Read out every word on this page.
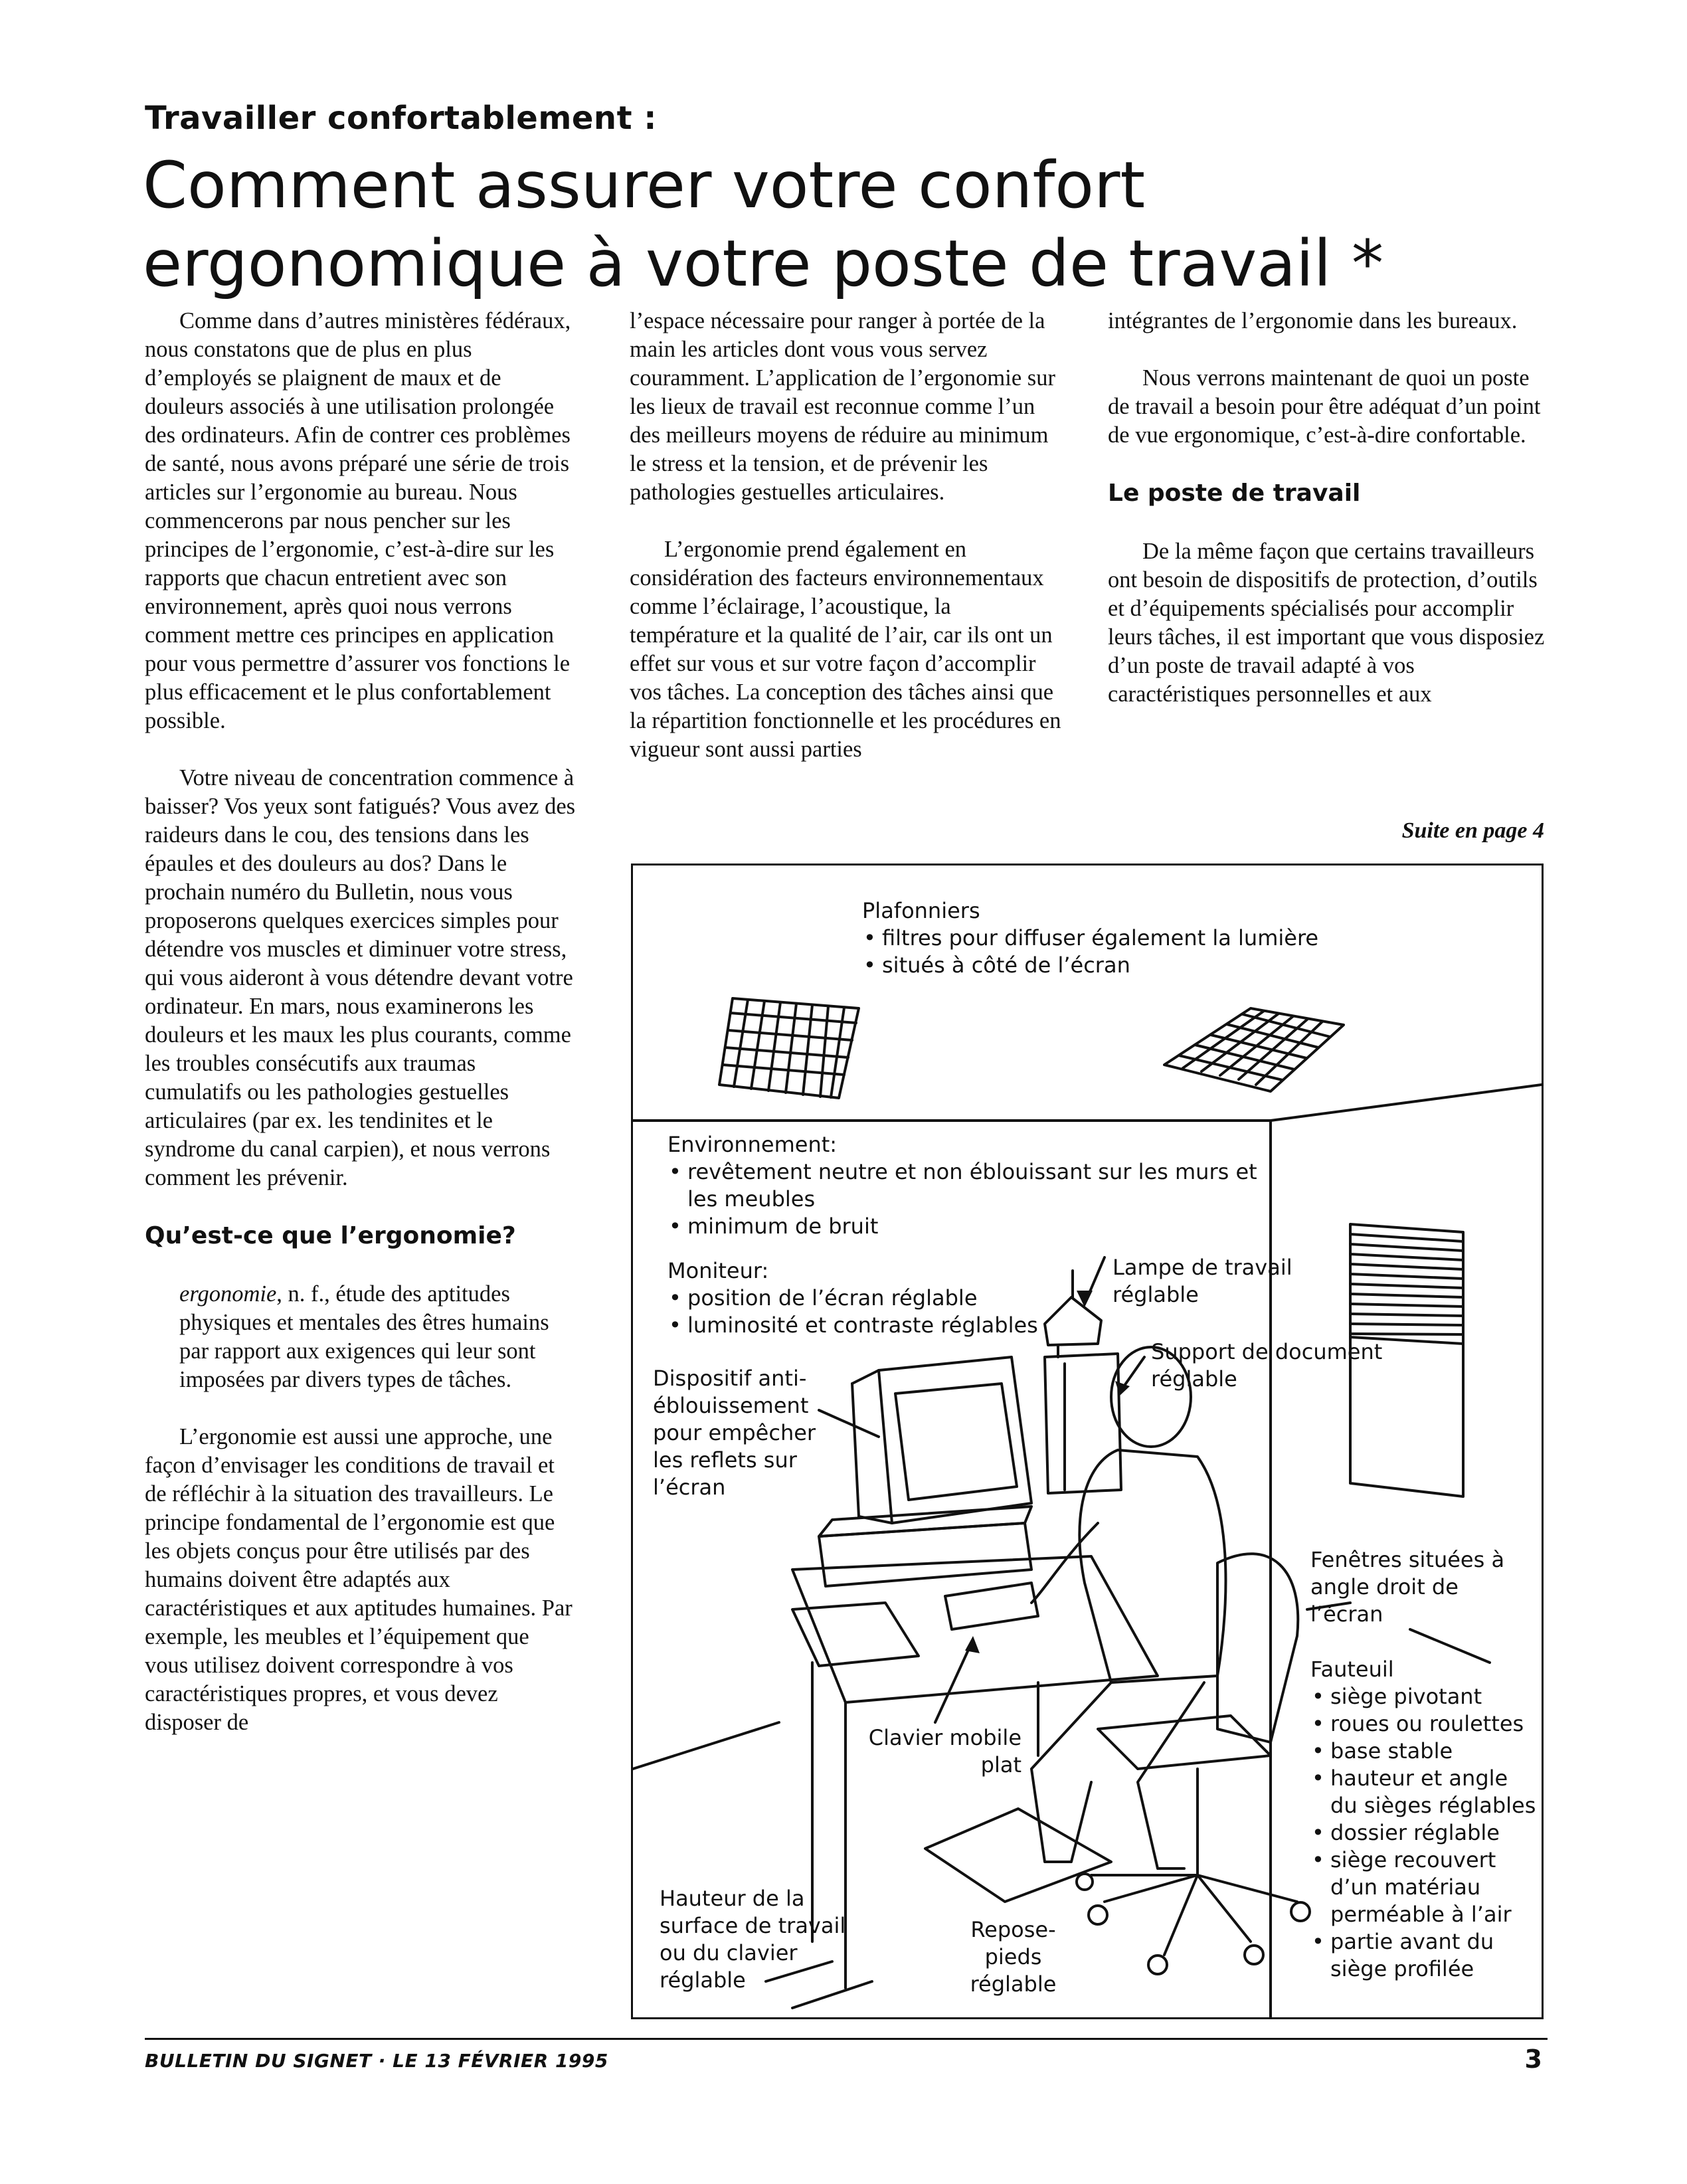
Travailler confortablement :
Comment assurer votre confort ergonomique à votre poste de travail *

Comme dans d’autres ministères fédéraux, nous constatons que de plus en plus d’employés se plaignent de maux et de douleurs associés à une utilisation prolongée des ordinateurs. Afin de contrer ces problèmes de santé, nous avons préparé une série de trois articles sur l’ergonomie au bureau. Nous commencerons par nous pencher sur les principes de l’ergonomie, c’est-à-dire sur les rapports que chacun entretient avec son environnement, après quoi nous verrons comment mettre ces principes en application pour vous permettre d’assurer vos fonctions le plus efficacement et le plus confortablement possible.

Votre niveau de concentration commence à baisser? Vos yeux sont fatigués? Vous avez des raideurs dans le cou, des tensions dans les épaules et des douleurs au dos? Dans le prochain numéro du Bulletin, nous vous proposerons quelques exercices simples pour détendre vos muscles et diminuer votre stress, qui vous aideront à vous détendre devant votre ordinateur. En mars, nous examinerons les douleurs et les maux les plus courants, comme les troubles consécutifs aux traumas cumulatifs ou les pathologies gestuelles articulaires (par ex. les tendinites et le syndrome du canal carpien), et nous verrons comment les prévenir.

Qu’est-ce que l’ergonomie?

ergonomie, n. f., étude des aptitudes physiques et mentales des êtres humains par rapport aux exigences qui leur sont imposées par divers types de tâches.

L’ergonomie est aussi une approche, une façon d’envisager les conditions de travail et de réfléchir à la situation des travailleurs. Le principe fondamental de l’ergonomie est que les objets conçus pour être utilisés par des humains doivent être adaptés aux caractéristiques et aux aptitudes humaines. Par exemple, les meubles et l’équipement que vous utilisez doivent correspondre à vos caractéristiques propres, et vous devez disposer de

l’espace nécessaire pour ranger à portée de la main les articles dont vous vous servez couramment. L’application de l’ergonomie sur les lieux de travail est reconnue comme l’un des meilleurs moyens de réduire au minimum le stress et la tension, et de prévenir les pathologies gestuelles articulaires.

L’ergonomie prend également en considération des facteurs environnementaux comme l’éclairage, l’acoustique, la température et la qualité de l’air, car ils ont un effet sur vous et sur votre façon d’accomplir vos tâches. La conception des tâches ainsi que la répartition fonctionnelle et les procédures en vigueur sont aussi parties

intégrantes de l’ergonomie dans les bureaux.

Nous verrons maintenant de quoi un poste de travail a besoin pour être adéquat d’un point de vue ergonomique, c’est-à-dire confortable.

Le poste de travail

De la même façon que certains travailleurs ont besoin de dispositifs de protection, d’outils et d’équipements spécialisés pour accomplir leurs tâches, il est important que vous disposiez d’un poste de travail adapté à vos caractéristiques personnelles et aux

Suite en page 4
Plafonniers
• filtres pour diffuser également la lumière
• situés à côté de l’écran
Environnement:
• revêtement neutre et non éblouissant sur les murs et les meubles
• minimum de bruit
Moniteur:
• position de l’écran réglable
• luminosité et contraste réglables
Lampe de travail réglable
Support de document réglable
Dispositif anti-éblouissement pour empêcher les reflets sur l’écran
Fenêtres situées à angle droit de l’écran
Fauteuil
• siège pivotant
• roues ou roulettes
• base stable
• hauteur et angle du sièges réglables
• dossier réglable
• siège recouvert d’un matériau perméable à l’air
• partie avant du siège profilée
Clavier mobile plat
Hauteur de la surface de travail ou du clavier réglable
Repose-pieds réglable
BULLETIN DU SIGNET · LE 13 FÉVRIER 1995	3
